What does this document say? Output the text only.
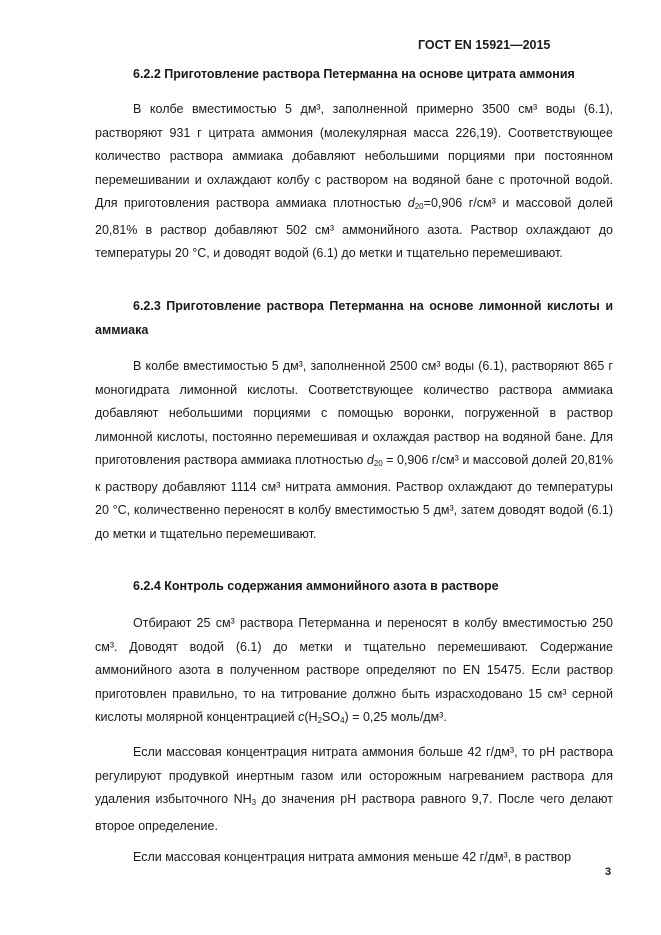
ГОСТ EN 15921—2015
6.2.2 Приготовление раствора Петерманна на основе цитрата аммония
В колбе вместимостью 5 дм³, заполненной примерно 3500 см³ воды (6.1), растворяют 931 г цитрата аммония (молекулярная масса 226,19). Соответствующее количество раствора аммиака добавляют небольшими порциями при постоянном перемешивании и охлаждают колбу с раствором на водяной бане с проточной водой. Для приготовления раствора аммиака плотностью $d_{20}=0,906$ г/см³ и массовой долей 20,81% в раствор добавляют 502 см³ аммонийного азота. Раствор охлаждают до температуры 20 °C, и доводят водой (6.1) до метки и тщательно перемешивают.
6.2.3 Приготовление раствора Петерманна на основе лимонной кислоты и аммиака
В колбе вместимостью 5 дм³, заполненной 2500 см³ воды (6.1), растворяют 865 г моногидрата лимонной кислоты. Соответствующее количество раствора аммиака добавляют небольшими порциями с помощью воронки, погруженной в раствор лимонной кислоты, постоянно перемешивая и охлаждая раствор на водяной бане. Для приготовления раствора аммиака плотностью $d_{20} = 0,906$ г/см³ и массовой долей 20,81% к раствору добавляют 1114 см³ нитрата аммония. Раствор охлаждают до температуры 20 °C, количественно переносят в колбу вместимостью 5 дм³, затем доводят водой (6.1) до метки и тщательно перемешивают.
6.2.4 Контроль содержания аммонийного азота в растворе
Отбирают 25 см³ раствора Петерманна и переносят в колбу вместимостью 250 см³. Доводят водой (6.1) до метки и тщательно перемешивают. Содержание аммонийного азота в полученном растворе определяют по EN 15475. Если раствор приготовлен правильно, то на титрование должно быть израсходовано 15 см³ серной кислоты молярной концентрацией $c(H_2SO_4) = 0,25$ моль/дм³.
Если массовая концентрация нитрата аммония больше 42 г/дм³, то pH раствора регулируют продувкой инертным газом или осторожным нагреванием раствора для удаления избыточного $NH_3$ до значения pH раствора равного 9,7. После чего делают второе определение.
Если массовая концентрация нитрата аммония меньше 42 г/дм³, в раствор
3
